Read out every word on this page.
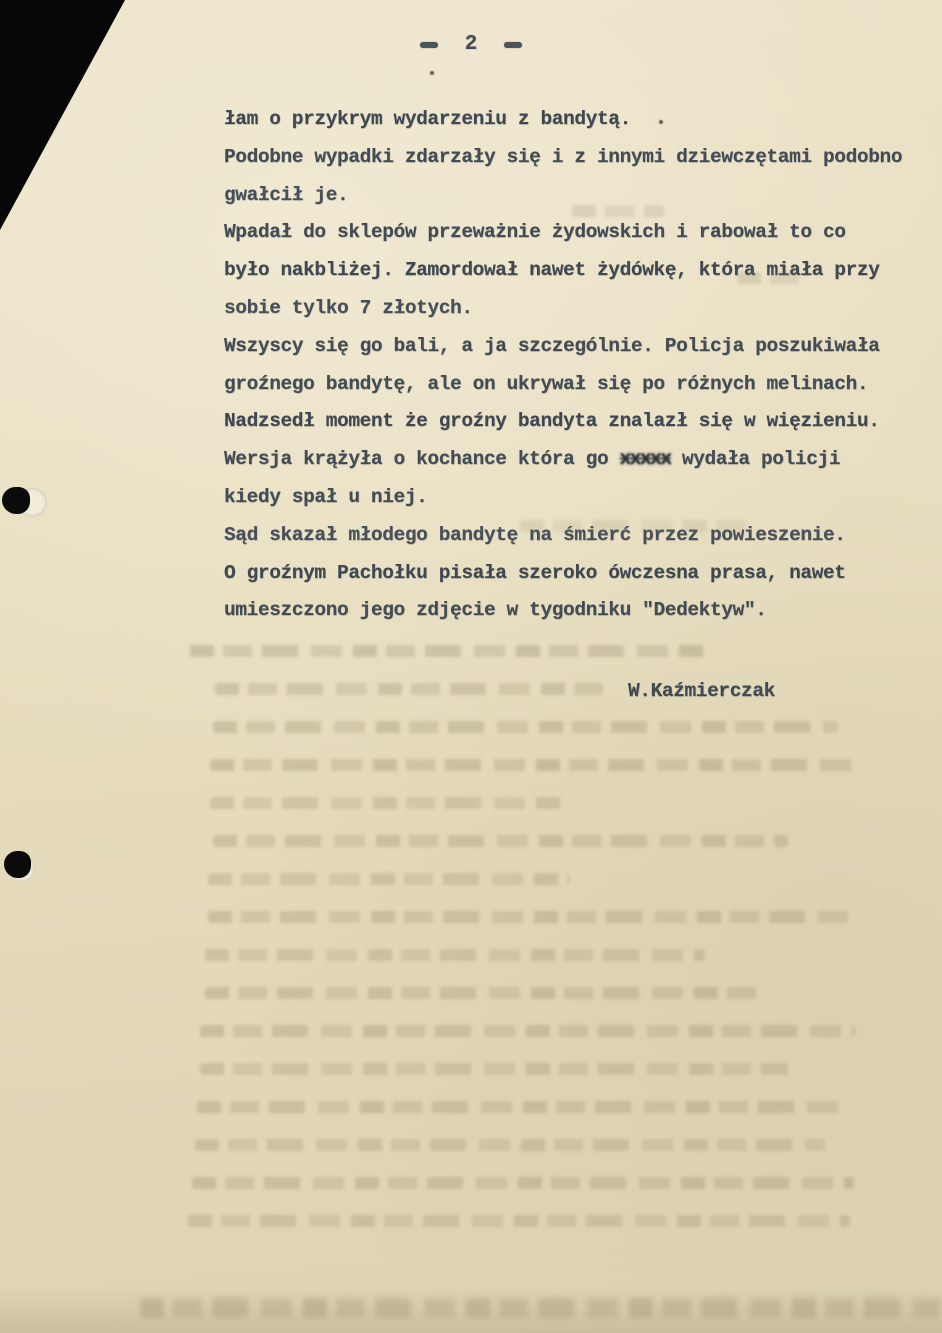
2
łam o przykrym wydarzeniu z bandytą.
Podobne wypadki zdarzały się i z innymi dziewczętami podobno
gwałcił je.
Wpadał do sklepów przeważnie żydowskich i rabował to co
było nakbliżej. Zamordował nawet żydówkę, która miała przy
sobie tylko 7 złotych.
Wszyscy się go bali, a ja szczególnie. Policja poszukiwała
groźnego bandytę, ale on ukrywał się po różnych melinach.
Nadzsedł moment że groźny bandyta znalazł się w więzieniu.
Wersja krążyła o kochance która go xxxxx wydała policji
kiedy spał u niej.
Sąd skazał młodego bandytę na śmierć przez powieszenie.
O groźnym Pachołku pisała szeroko ówczesna prasa, nawet
umieszczono jego zdjęcie w tygodniku "Dedektyw".
W.Kaźmierczak
